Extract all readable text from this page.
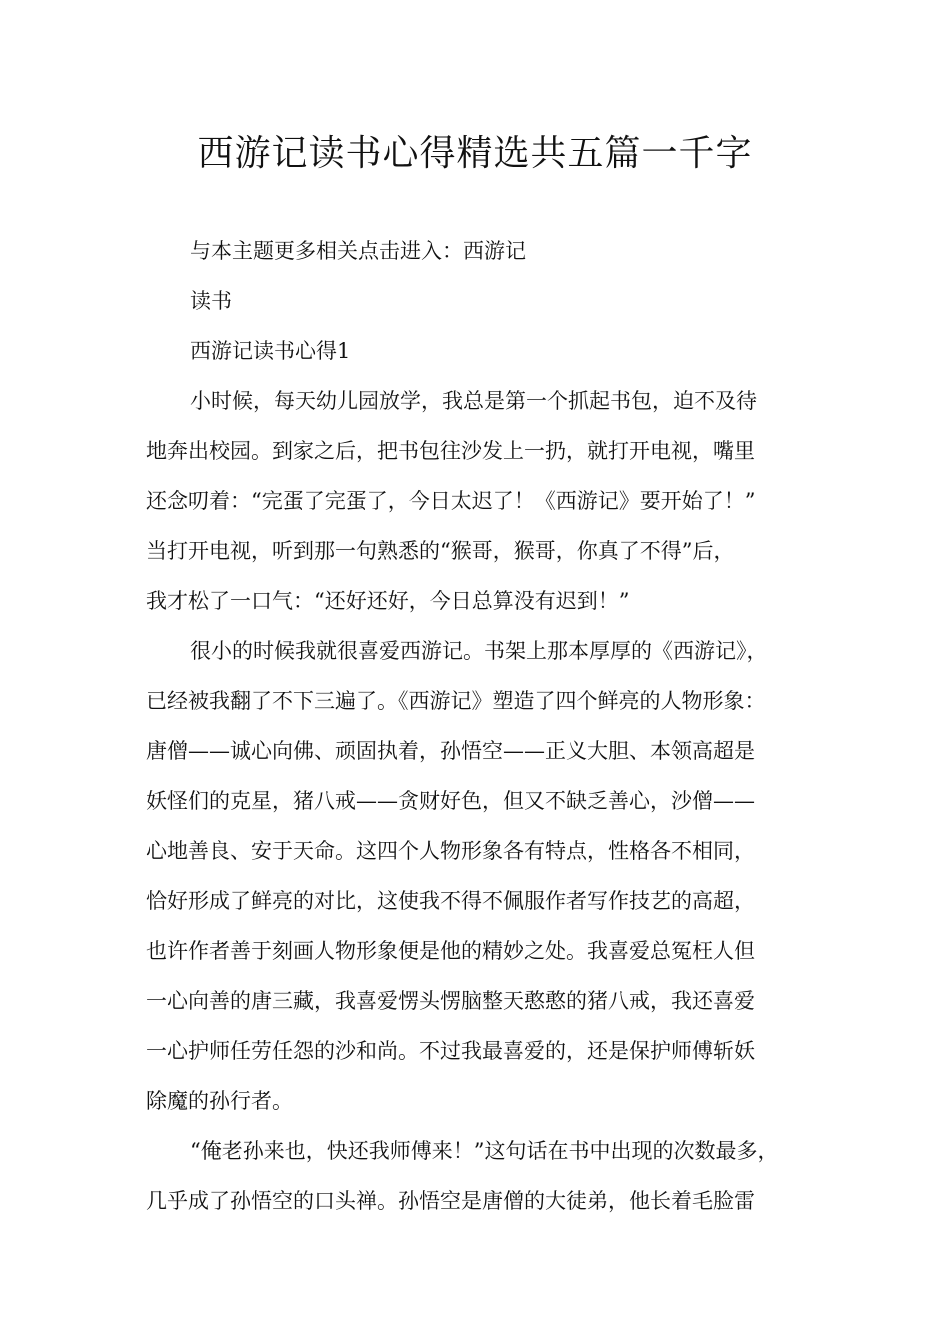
西游记读书心得精选共五篇一千字

与本主题更多相关点击进入：西游记

读书

西游记读书心得1

小时候，每天幼儿园放学，我总是第一个抓起书包，迫不及待

地奔出校园。到家之后，把书包往沙发上一扔，就打开电视，嘴里

还念叨着：“完蛋了完蛋了，今日太迟了！《西游记》要开始了！”

当打开电视，听到那一句熟悉的“猴哥，猴哥，你真了不得”后，

我才松了一口气：“还好还好，今日总算没有迟到！”

很小的时候我就很喜爱西游记。书架上那本厚厚的《西游记》，

已经被我翻了不下三遍了。《西游记》塑造了四个鲜亮的人物形象：

唐僧——诚心向佛、顽固执着，孙悟空——正义大胆、本领高超是

妖怪们的克星，猪八戒——贪财好色，但又不缺乏善心，沙僧——

心地善良、安于天命。这四个人物形象各有特点，性格各不相同，

恰好形成了鲜亮的对比，这使我不得不佩服作者写作技艺的高超，

也许作者善于刻画人物形象便是他的精妙之处。我喜爱总冤枉人但

一心向善的唐三藏，我喜爱愣头愣脑整天憨憨的猪八戒，我还喜爱

一心护师任劳任怨的沙和尚。不过我最喜爱的，还是保护师傅斩妖

除魔的孙行者。

“俺老孙来也，快还我师傅来！”这句话在书中出现的次数最多，

几乎成了孙悟空的口头禅。孙悟空是唐僧的大徒弟，他长着毛脸雷
